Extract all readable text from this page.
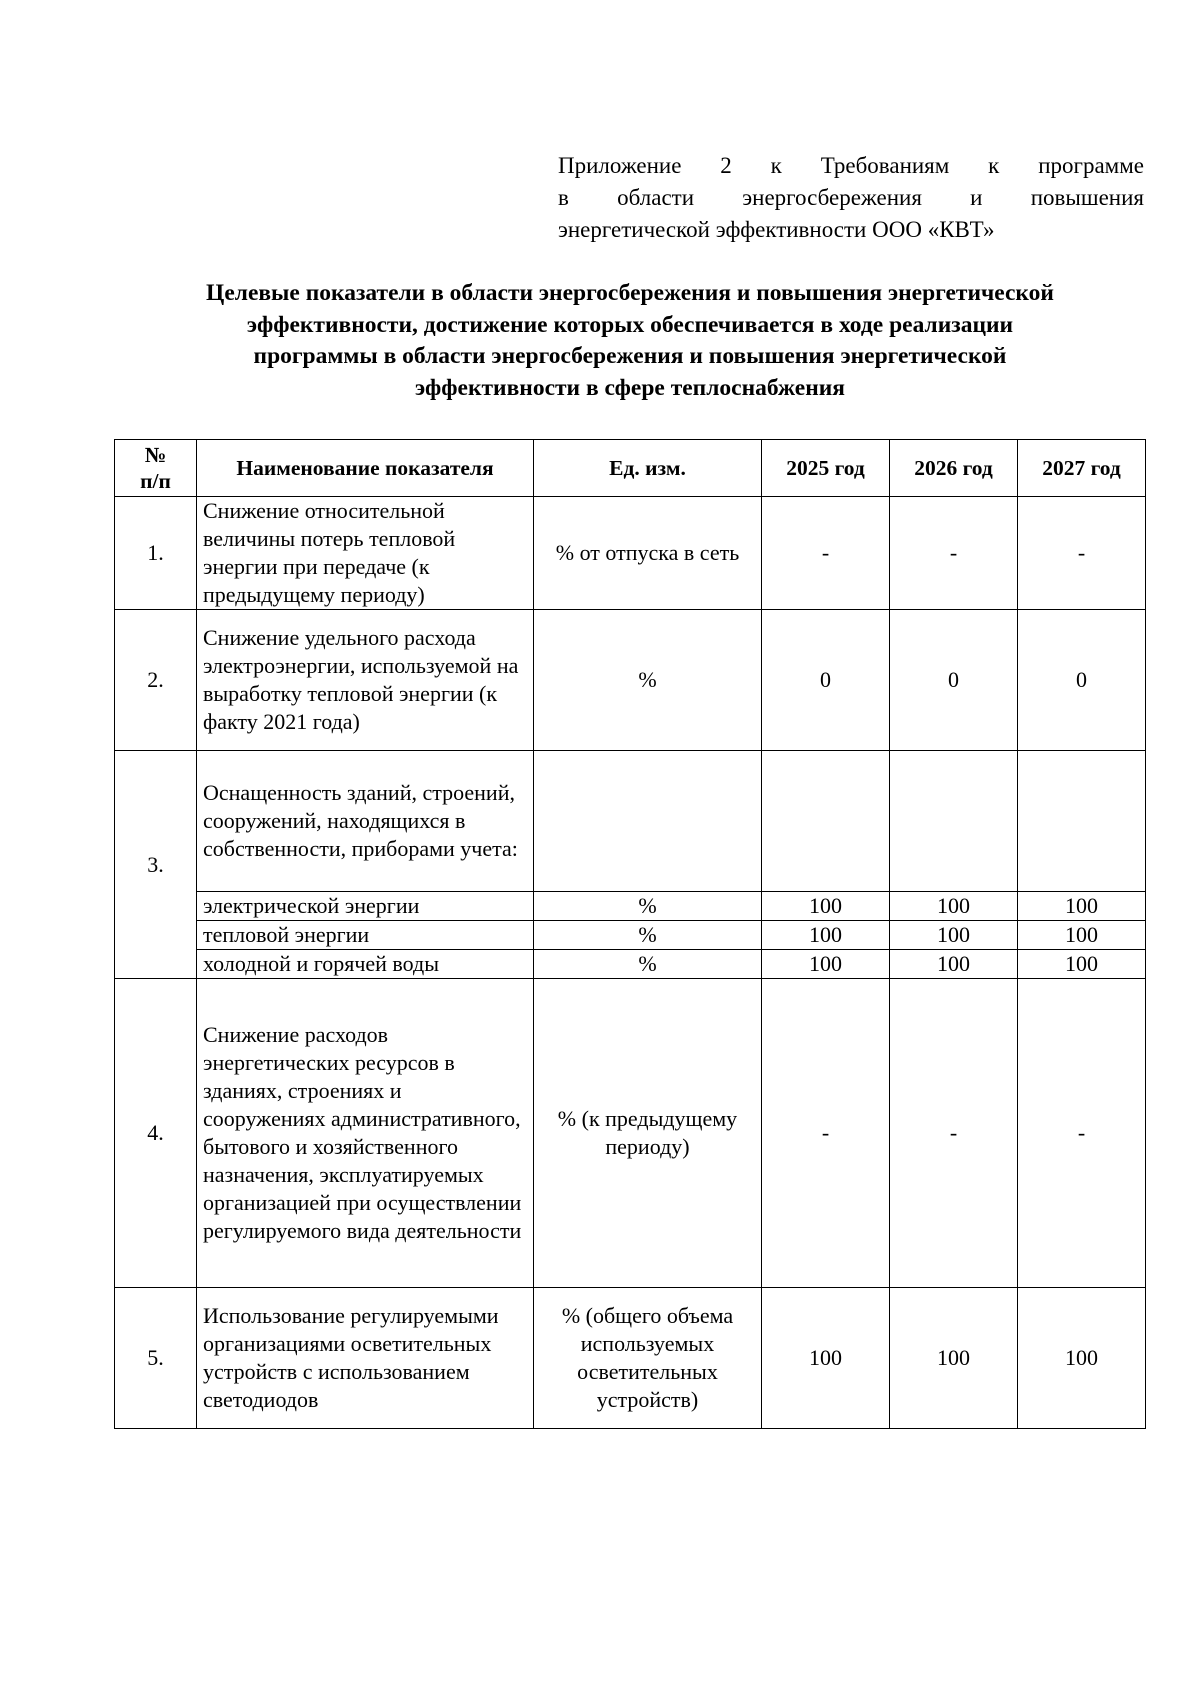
Приложение 2 к Требованиям к программе
в области энергосбережения и повышения
энергетической эффективности ООО «КВТ»
Целевые показатели в области энергосбережения и повышения энергетической
эффективности, достижение которых обеспечивается в ходе реализации
программы в области энергосбережения и повышения энергетической
эффективности в сфере теплоснабжения
№
п/п	Наименование показателя	Ед. изм.	2025 год	2026 год	2027 год
1.	Снижение относительной величины потерь тепловой энергии при передаче (к предыдущему периоду)	% от отпуска в сеть	-	-	-
2.	Снижение удельного расхода электроэнергии, используемой на выработку тепловой энергии (к факту 2021 года)	%	0	0	0
3.	Оснащенность зданий, строений, сооружений, находящихся в собственности, приборами учета:				
	электрической энергии	%	100	100	100
	тепловой энергии	%	100	100	100
	холодной и горячей воды	%	100	100	100
4.	Снижение расходов энергетических ресурсов в зданиях, строениях и сооружениях административного, бытового и хозяйственного назначения, эксплуатируемых организацией при осуществлении регулируемого вида деятельности	% (к предыдущему периоду)	-	-	-
5.	Использование регулируемыми организациями осветительных устройств с использованием светодиодов	% (общего объема используемых осветительных устройств)	100	100	100
